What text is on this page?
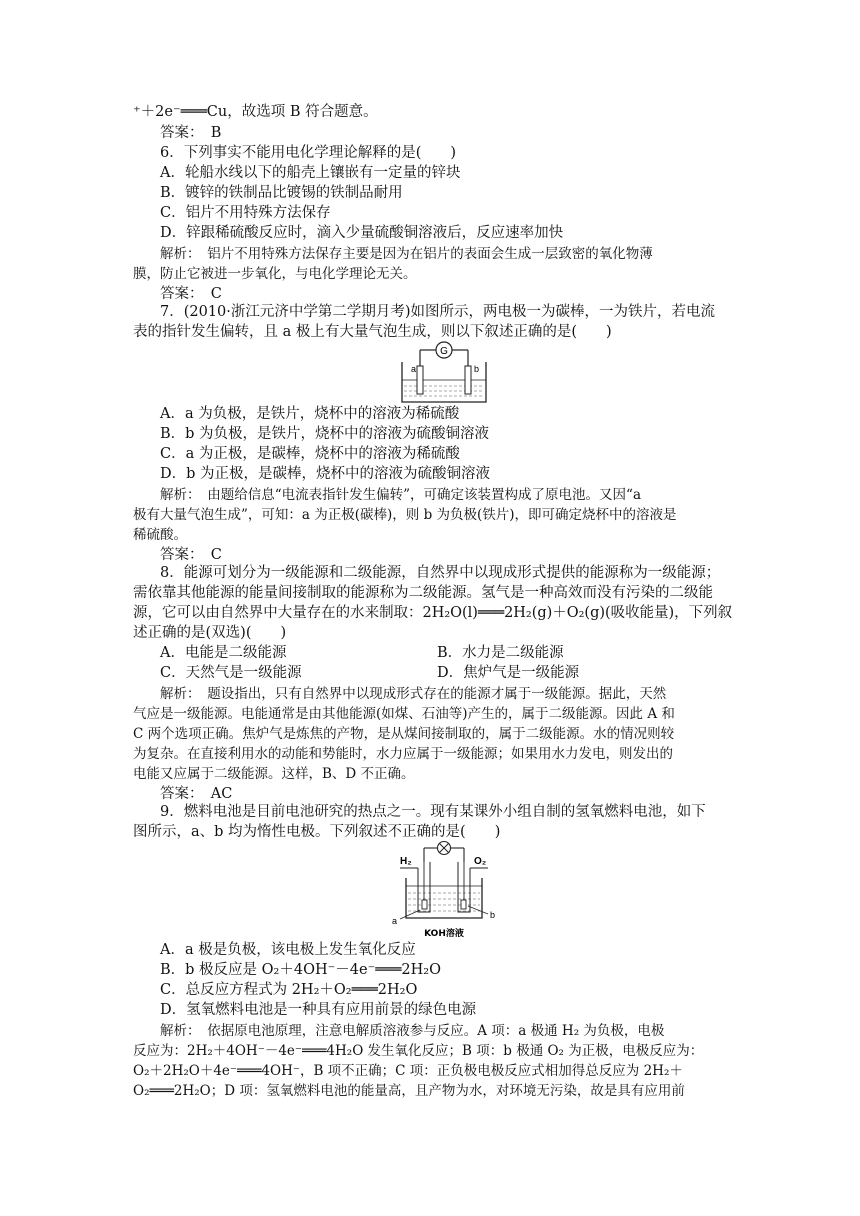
⁺＋2e⁻═══Cu，故选项 B 符合题意。
答案：　B
6．下列事实不能用电化学理论解释的是(　　)
A．轮船水线以下的船壳上镶嵌有一定量的锌块
B．镀锌的铁制品比镀锡的铁制品耐用
C．铝片不用特殊方法保存
D．锌跟稀硫酸反应时，滴入少量硫酸铜溶液后，反应速率加快
解析：　铝片不用特殊方法保存主要是因为在铝片的表面会生成一层致密的氧化物薄
膜，防止它被进一步氧化，与电化学理论无关。
答案：　C
7．(2010·浙江元济中学第二学期月考)如图所示，两电极一为碳棒，一为铁片，若电流
表的指针发生偏转，且 a 极上有大量气泡生成，则以下叙述正确的是(　　)
G
a	b
A．a 为负极，是铁片，烧杯中的溶液为稀硫酸
B．b 为负极，是铁片，烧杯中的溶液为硫酸铜溶液
C．a 为正极，是碳棒，烧杯中的溶液为稀硫酸
D．b 为正极，是碳棒，烧杯中的溶液为硫酸铜溶液
解析：　由题给信息“电流表指针发生偏转”，可确定该装置构成了原电池。又因“a
极有大量气泡生成”，可知：a 为正极(碳棒)，则 b 为负极(铁片)，即可确定烧杯中的溶液是
稀硫酸。
答案：　C
8．能源可划分为一级能源和二级能源，自然界中以现成形式提供的能源称为一级能源；
需依靠其他能源的能量间接制取的能源称为二级能源。氢气是一种高效而没有污染的二级能
源，它可以由自然界中大量存在的水来制取：2H₂O(l)═══2H₂(g)＋O₂(g)(吸收能量)，下列叙
述正确的是(双选)(　　)
A．电能是二级能源	B．水力是二级能源
C．天然气是一级能源	D．焦炉气是一级能源
解析：　题设指出，只有自然界中以现成形式存在的能源才属于一级能源。据此，天然
气应是一级能源。电能通常是由其他能源(如煤、石油等)产生的，属于二级能源。因此 A 和
C 两个选项正确。焦炉气是炼焦的产物，是从煤间接制取的，属于二级能源。水的情况则较
为复杂。在直接利用水的动能和势能时，水力应属于一级能源；如果用水力发电，则发出的
电能又应属于二级能源。这样，B、D 不正确。
答案：　AC
9．燃料电池是目前电池研究的热点之一。现有某课外小组自制的氢氧燃料电池，如下
图所示，a、b 均为惰性电极。下列叙述不正确的是(　　)
H₂	O₂
a
b
KOH溶液
A．a 极是负极，该电极上发生氧化反应
B．b 极反应是 O₂＋4OH⁻－4e⁻═══2H₂O
C．总反应方程式为 2H₂＋O₂═══2H₂O
D．氢氧燃料电池是一种具有应用前景的绿色电源
解析：　依据原电池原理，注意电解质溶液参与反应。A 项：a 极通 H₂ 为负极，电极
反应为：2H₂＋4OH⁻－4e⁻═══4H₂O 发生氧化反应；B 项：b 极通 O₂ 为正极，电极反应为：
O₂＋2H₂O＋4e⁻═══4OH⁻，B 项不正确；C 项：正负极电极反应式相加得总反应为 2H₂＋
O₂═══2H₂O；D 项：氢氧燃料电池的能量高，且产物为水，对环境无污染，故是具有应用前
